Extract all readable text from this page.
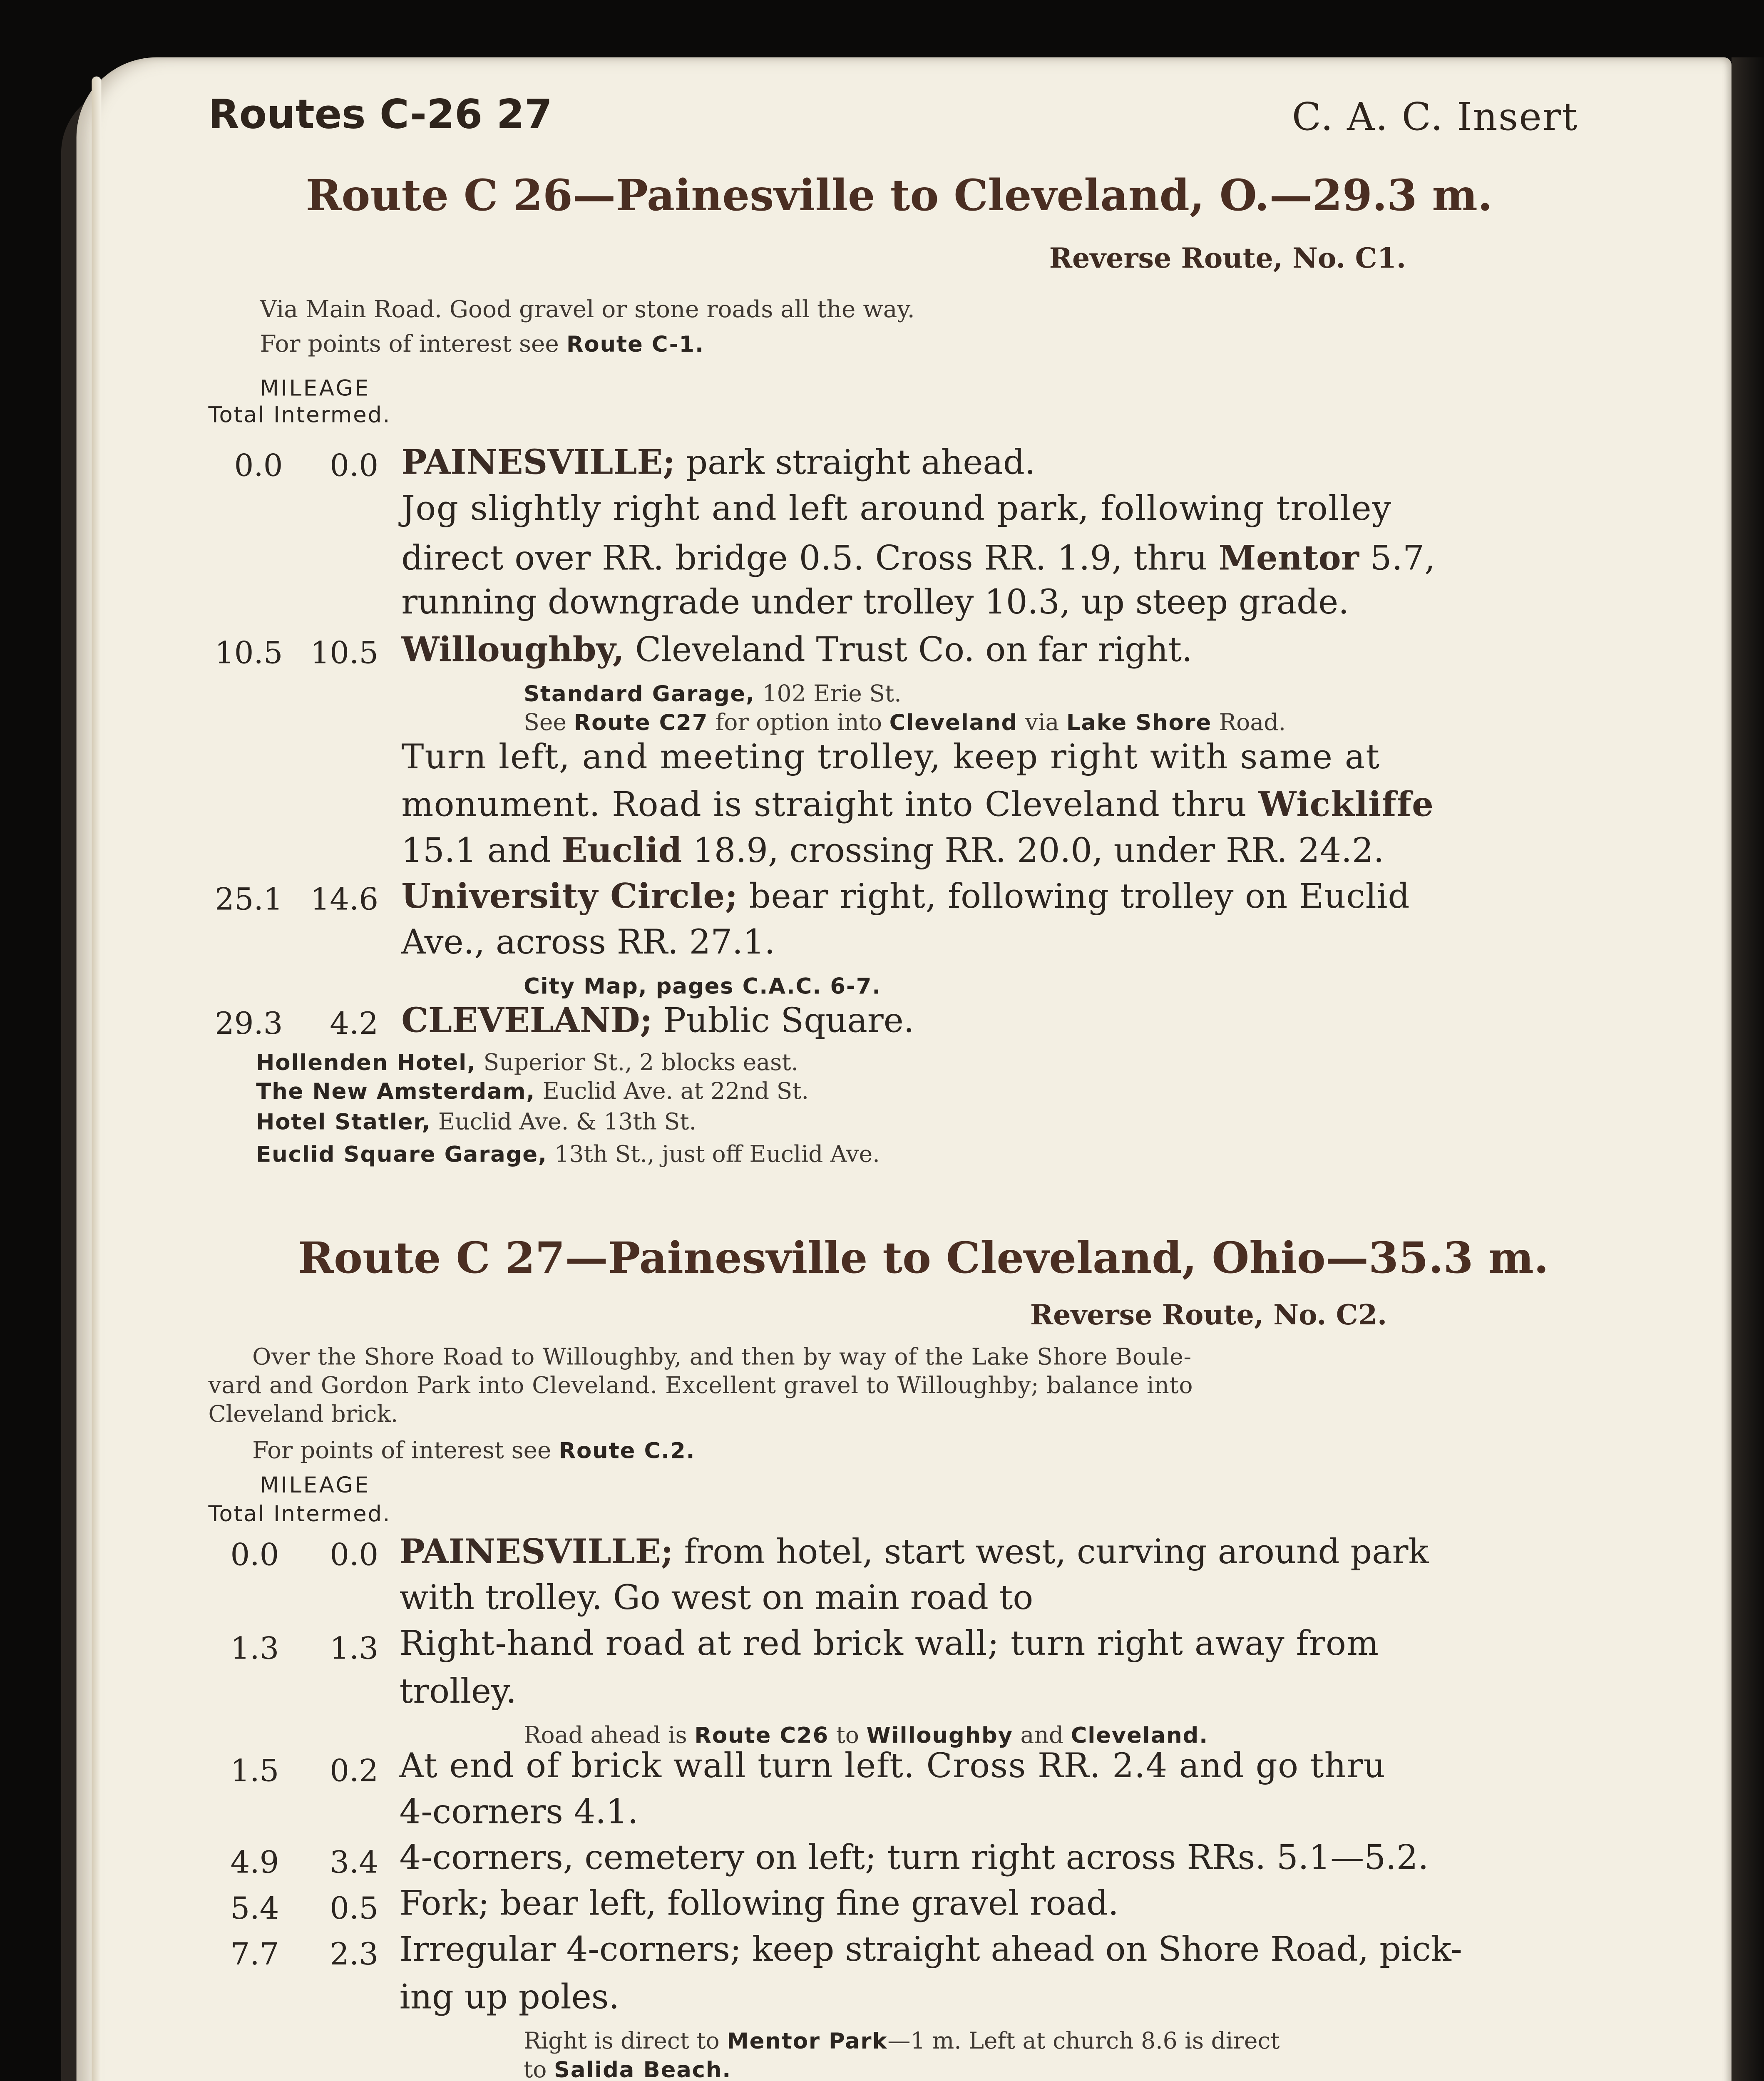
Routes C-26 27	C. A. C. Insert
Route C 26—Painesville to Cleveland, O.—29.3 m.
Reverse Route, No. C1.
Via Main Road. Good gravel or stone roads all the way.
For points of interest see Route C-1.
MILEAGE
Total Intermed.
0.0	0.0	PAINESVILLE; park straight ahead.
Jog slightly right and left around park, following trolley
direct over RR. bridge 0.5. Cross RR. 1.9, thru Mentor 5.7,
running downgrade under trolley 10.3, up steep grade.
10.5	10.5	Willoughby, Cleveland Trust Co. on far right.
Standard Garage, 102 Erie St.
See Route C27 for option into Cleveland via Lake Shore Road.
Turn left, and meeting trolley, keep right with same at
monument. Road is straight into Cleveland thru Wickliffe
15.1 and Euclid 18.9, crossing RR. 20.0, under RR. 24.2.
25.1	14.6	University Circle; bear right, following trolley on Euclid
Ave., across RR. 27.1.
City Map, pages C.A.C. 6-7.
29.3	4.2	CLEVELAND; Public Square.
Hollenden Hotel, Superior St., 2 blocks east.
The New Amsterdam, Euclid Ave. at 22nd St.
Hotel Statler, Euclid Ave. & 13th St.
Euclid Square Garage, 13th St., just off Euclid Ave.
Route C 27—Painesville to Cleveland, Ohio—35.3 m.
Reverse Route, No. C2.
Over the Shore Road to Willoughby, and then by way of the Lake Shore Boule-
vard and Gordon Park into Cleveland. Excellent gravel to Willoughby; balance into
Cleveland brick.
For points of interest see Route C.2.
MILEAGE
Total Intermed.
0.0	0.0	PAINESVILLE; from hotel, start west, curving around park
with trolley. Go west on main road to
1.3	1.3	Right-hand road at red brick wall; turn right away from
trolley.
Road ahead is Route C26 to Willoughby and Cleveland.
1.5	0.2	At end of brick wall turn left. Cross RR. 2.4 and go thru
4-corners 4.1.
4.9	3.4	4-corners, cemetery on left; turn right across RRs. 5.1—5.2.
5.4	0.5	Fork; bear left, following fine gravel road.
7.7	2.3	Irregular 4-corners; keep straight ahead on Shore Road, pick-
ing up poles.
Right is direct to Mentor Park—1 m. Left at church 8.6 is direct
to Salida Beach.
